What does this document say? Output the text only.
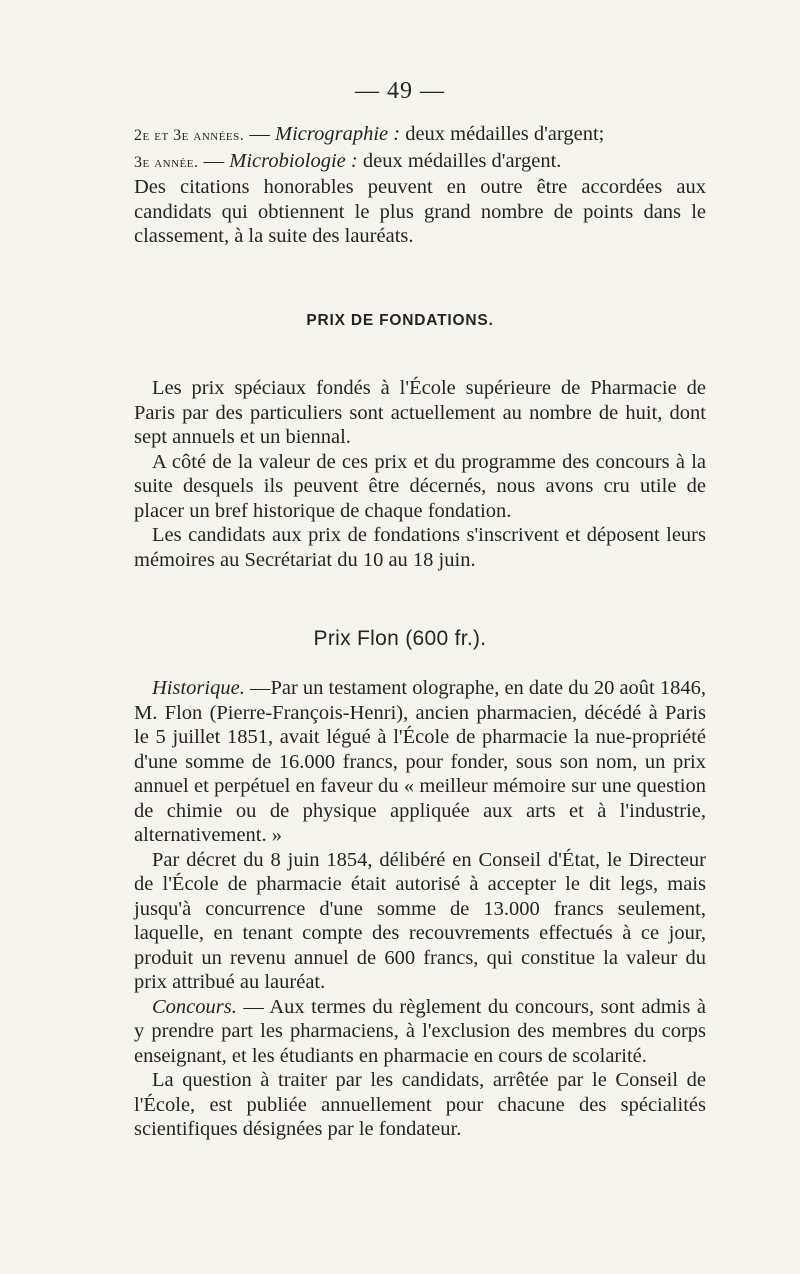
— 49 —

2e et 3e années. — Micrographie : deux médailles d'argent;

3e année. — Microbiologie : deux médailles d'argent.

Des citations honorables peuvent en outre être accordées aux candidats qui obtiennent le plus grand nombre de points dans le classement, à la suite des lauréats.

PRIX DE FONDATIONS.

Les prix spéciaux fondés à l'École supérieure de Pharmacie de Paris par des particuliers sont actuellement au nombre de huit, dont sept annuels et un biennal.

A côté de la valeur de ces prix et du programme des concours à la suite desquels ils peuvent être décernés, nous avons cru utile de placer un bref historique de chaque fondation.

Les candidats aux prix de fondations s'inscrivent et déposent leurs mémoires au Secrétariat du 10 au 18 juin.

Prix Flon (600 fr.).

Historique. —Par un testament olographe, en date du 20 août 1846, M. Flon (Pierre-François-Henri), ancien pharmacien, décédé à Paris le 5 juillet 1851, avait légué à l'École de pharmacie la nue-propriété d'une somme de 16.000 francs, pour fonder, sous son nom, un prix annuel et perpétuel en faveur du « meilleur mémoire sur une question de chimie ou de physique appliquée aux arts et à l'industrie, alternativement. »

Par décret du 8 juin 1854, délibéré en Conseil d'État, le Directeur de l'École de pharmacie était autorisé à accepter le dit legs, mais jusqu'à concurrence d'une somme de 13.000 francs seulement, laquelle, en tenant compte des recouvrements effectués à ce jour, produit un revenu annuel de 600 francs, qui constitue la valeur du prix attribué au lauréat.

Concours. — Aux termes du règlement du concours, sont admis à y prendre part les pharmaciens, à l'exclusion des membres du corps enseignant, et les étudiants en pharmacie en cours de scolarité.

La question à traiter par les candidats, arrêtée par le Conseil de l'École, est publiée annuellement pour chacune des spécialités scientifiques désignées par le fondateur.
